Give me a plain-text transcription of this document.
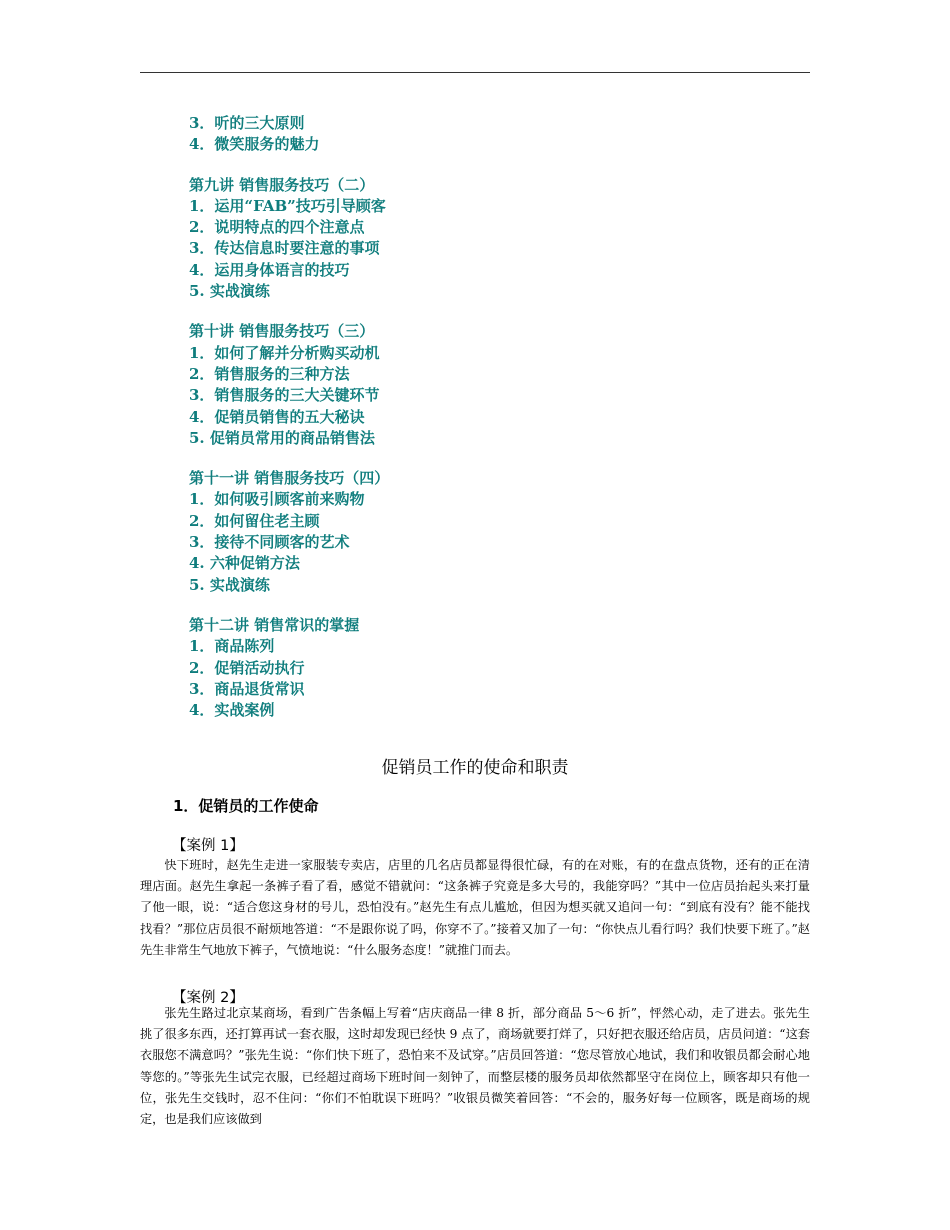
3．听的三大原则
4．微笑服务的魅力
第九讲 销售服务技巧（二）
1．运用“FAB”技巧引导顾客
2．说明特点的四个注意点
3．传达信息时要注意的事项
4．运用身体语言的技巧
5. 实战演练
第十讲 销售服务技巧（三）
1．如何了解并分析购买动机
2．销售服务的三种方法
3．销售服务的三大关键环节
4．促销员销售的五大秘诀
5. 促销员常用的商品销售法
第十一讲 销售服务技巧（四）
1．如何吸引顾客前来购物
2．如何留住老主顾
3．接待不同顾客的艺术
4. 六种促销方法
5. 实战演练
第十二讲 销售常识的掌握
1．商品陈列
2．促销活动执行
3．商品退货常识
4．实战案例
促销员工作的使命和职责
1．促销员的工作使命
【案例 1】
快下班时，赵先生走进一家服装专卖店，店里的几名店员都显得很忙碌，有的在对账，有的在盘点货物，还有的正在清理店面。赵先生拿起一条裤子看了看，感觉不错就问：“这条裤子究竟是多大号的，我能穿吗？”其中一位店员抬起头来打量了他一眼，说：“适合您这身材的号儿，恐怕没有。”赵先生有点儿尴尬，但因为想买就又追问一句：“到底有没有？能不能找找看？”那位店员很不耐烦地答道：“不是跟你说了吗，你穿不了。”接着又加了一句：“你快点儿看行吗？我们快要下班了。”赵先生非常生气地放下裤子，气愤地说：“什么服务态度！”就推门而去。
【案例 2】
张先生路过北京某商场，看到广告条幅上写着“店庆商品一律 8 折，部分商品 5～6 折”，怦然心动，走了进去。张先生挑了很多东西，还打算再试一套衣服，这时却发现已经快 9 点了，商场就要打烊了，只好把衣服还给店员，店员问道：“这套衣服您不满意吗？”张先生说：“你们快下班了，恐怕来不及试穿。”店员回答道：“您尽管放心地试，我们和收银员都会耐心地等您的。”等张先生试完衣服，已经超过商场下班时间一刻钟了，而整层楼的服务员却依然都坚守在岗位上，顾客却只有他一位，张先生交钱时，忍不住问：“你们不怕耽误下班吗？”收银员微笑着回答：“不会的，服务好每一位顾客，既是商场的规定，也是我们应该做到
